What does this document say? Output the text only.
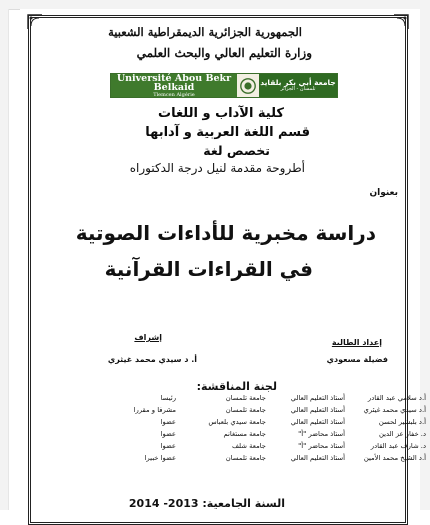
الجمهورية الجزائرية الديمقراطية الشعبية
وزارة التعليم العالي والبحث العلمي
Université Abou Bekr Belkaid
Tlemcen Algérie
جامعة أبي بكر بلقايد
تلمسان - الجزائر
كلية الآداب و اللغات
قسم اللغة العربية و آدابها
تخصص لغة
أطروحة مقدمة لنيل درجة الدكتوراه
بعنوان
دراسة مخبرية للأداءات الصوتية
في القراءات القرآنية
إعداد الطالبة
فضيلة مسعودي
إشراف
أ. د سيدي محمد غيثري
لجنة المناقشة:
أ.د سلامي عبد القادر
أستاذ التعليم العالي
جامعة تلمسان
رئيسا
أ.د سيدي محمد غيثري
أستاذ التعليم العالي
جامعة تلمسان
مشرفا و مقررا
أ.د بلبشير لحسن
أستاذ التعليم العالي
جامعة سيدي بلعباس
عضوا
د. خفار عز الدين
أستاذ محاضر "أ"
جامعة مستغانم
عضوا
د. شارف عبد القادر
أستاذ محاضر "أ"
جامعة شلف
عضوا
أ.د الشيخ محمد الأمين
أستاذ التعليم العالي
جامعة تلمسان
عضوا خبيرا
السنة الجامعية: 2013- 2014
